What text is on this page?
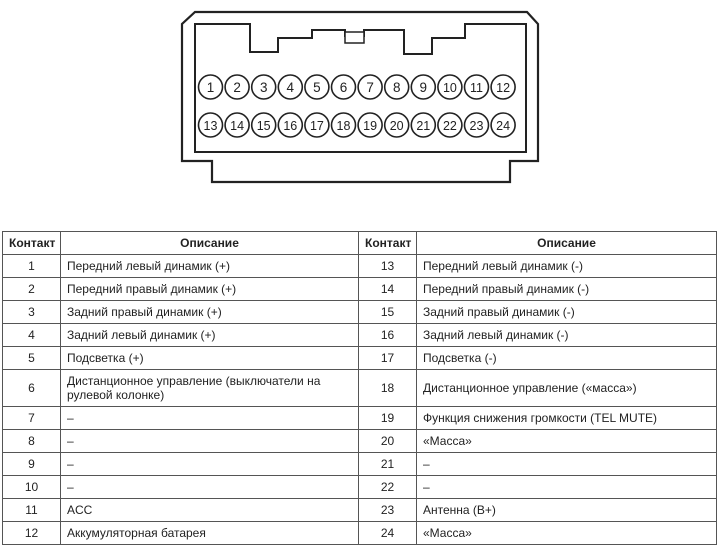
1 2 3 4 5 6 7 8 9 10 11 12
13 14 15 16 17 18 19 20 21 22 23 24
Контакт	Описание	Контакт	Описание
1	Передний левый динамик (+)	13	Передний левый динамик (-)
2	Передний правый динамик (+)	14	Передний правый динамик (-)
3	Задний правый динамик (+)	15	Задний правый динамик (-)
4	Задний левый динамик (+)	16	Задний левый динамик (-)
5	Подсветка (+)	17	Подсветка (-)
6	Дистанционное управление (выключатели на рулевой колонке)	18	Дистанционное управление («масса»)
7	–	19	Функция снижения громкости (TEL MUTE)
8	–	20	«Масса»
9	–	21	–
10	–	22	–
11	ACC	23	Антенна (B+)
12	Аккумуляторная батарея	24	«Масса»
